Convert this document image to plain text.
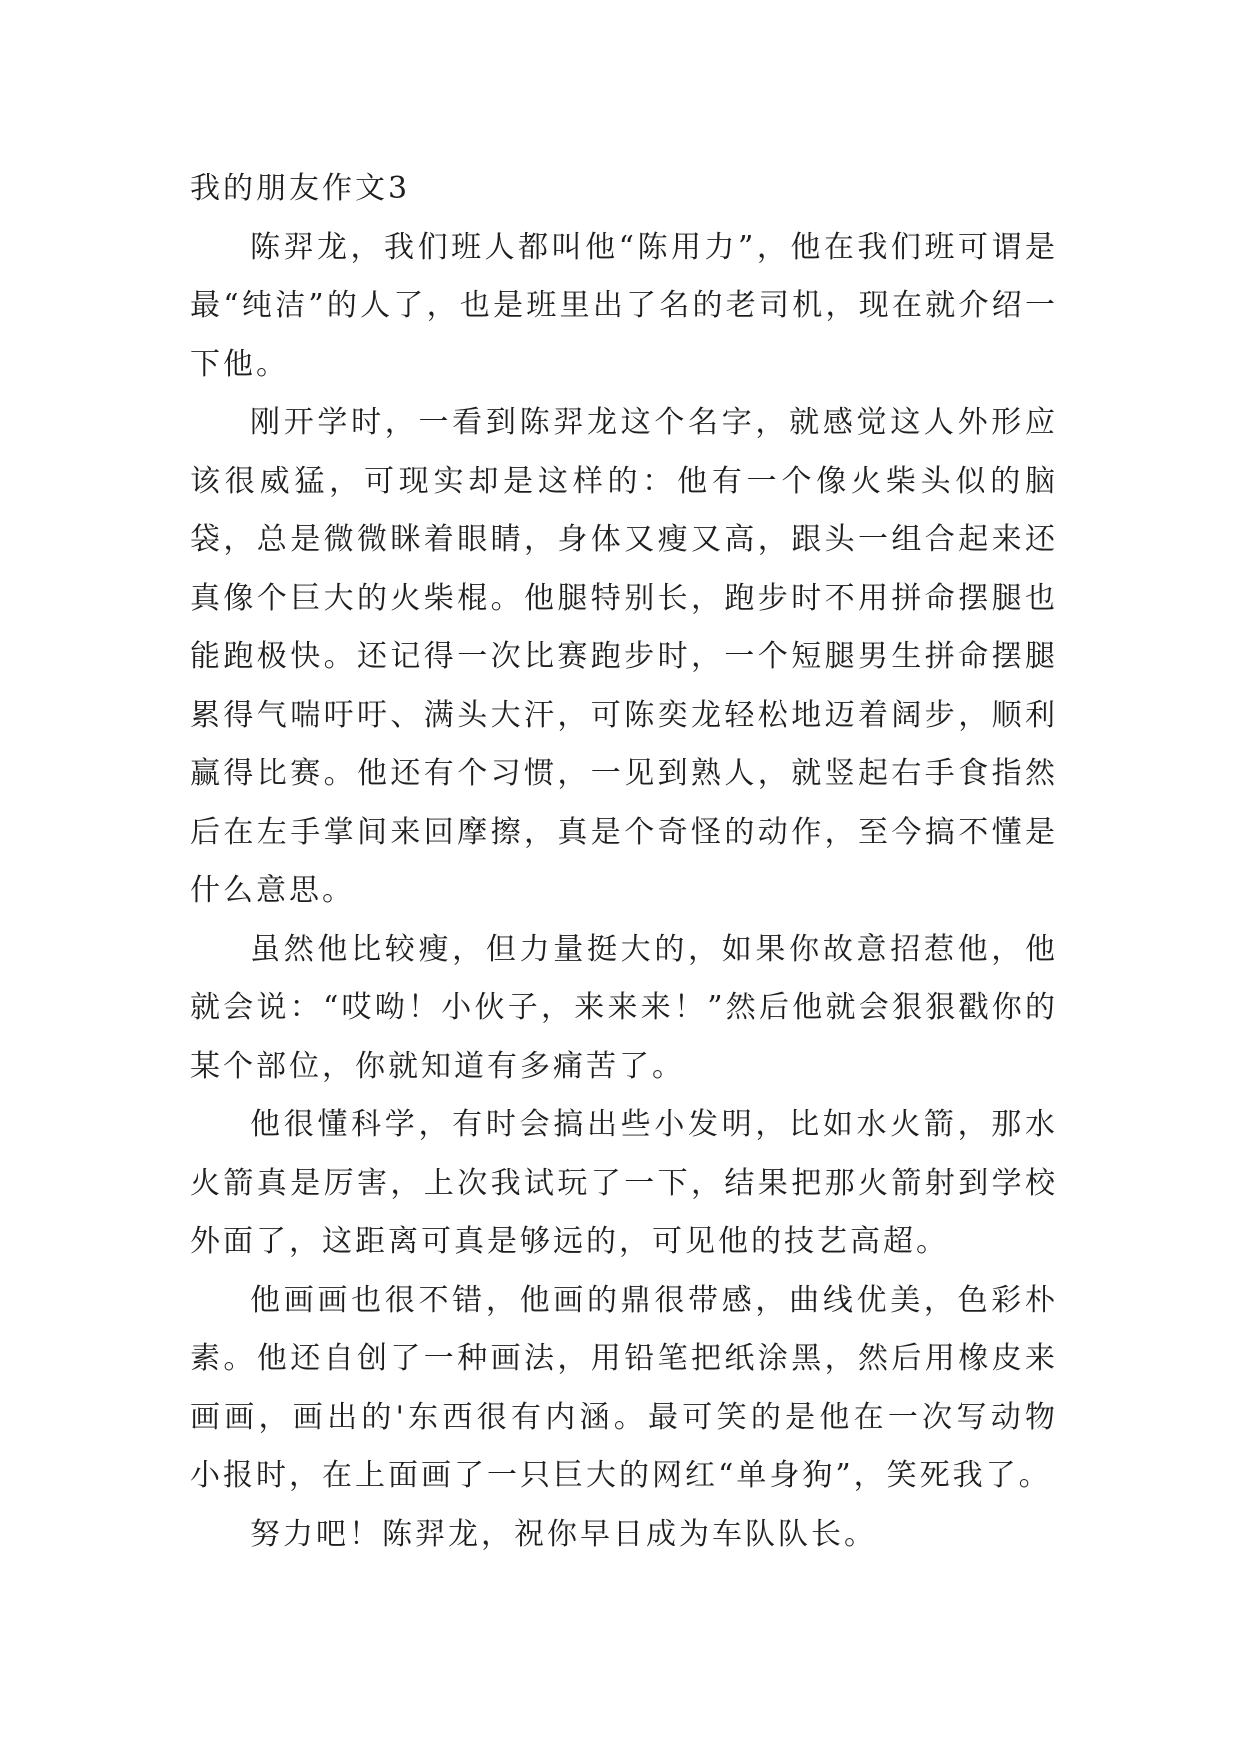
我的朋友作文3

陈羿龙，我们班人都叫他“陈用力”，他在我们班可谓是最“纯洁”的人了，也是班里出了名的老司机，现在就介绍一下他。

刚开学时，一看到陈羿龙这个名字，就感觉这人外形应该很威猛，可现实却是这样的：他有一个像火柴头似的脑袋，总是微微眯着眼睛，身体又瘦又高，跟头一组合起来还真像个巨大的火柴棍。他腿特别长，跑步时不用拼命摆腿也能跑极快。还记得一次比赛跑步时，一个短腿男生拼命摆腿累得气喘吁吁、满头大汗，可陈奕龙轻松地迈着阔步，顺利赢得比赛。他还有个习惯，一见到熟人，就竖起右手食指然后在左手掌间来回摩擦，真是个奇怪的动作，至今搞不懂是什么意思。

虽然他比较瘦，但力量挺大的，如果你故意招惹他，他就会说：“哎呦！小伙子，来来来！”然后他就会狠狠戳你的某个部位，你就知道有多痛苦了。

他很懂科学，有时会搞出些小发明，比如水火箭，那水火箭真是厉害，上次我试玩了一下，结果把那火箭射到学校外面了，这距离可真是够远的，可见他的技艺高超。

他画画也很不错，他画的鼎很带感，曲线优美，色彩朴素。他还自创了一种画法，用铅笔把纸涂黑，然后用橡皮来画画，画出的'东西很有内涵。最可笑的是他在一次写动物小报时，在上面画了一只巨大的网红“单身狗”，笑死我了。

努力吧！陈羿龙，祝你早日成为车队队长。
